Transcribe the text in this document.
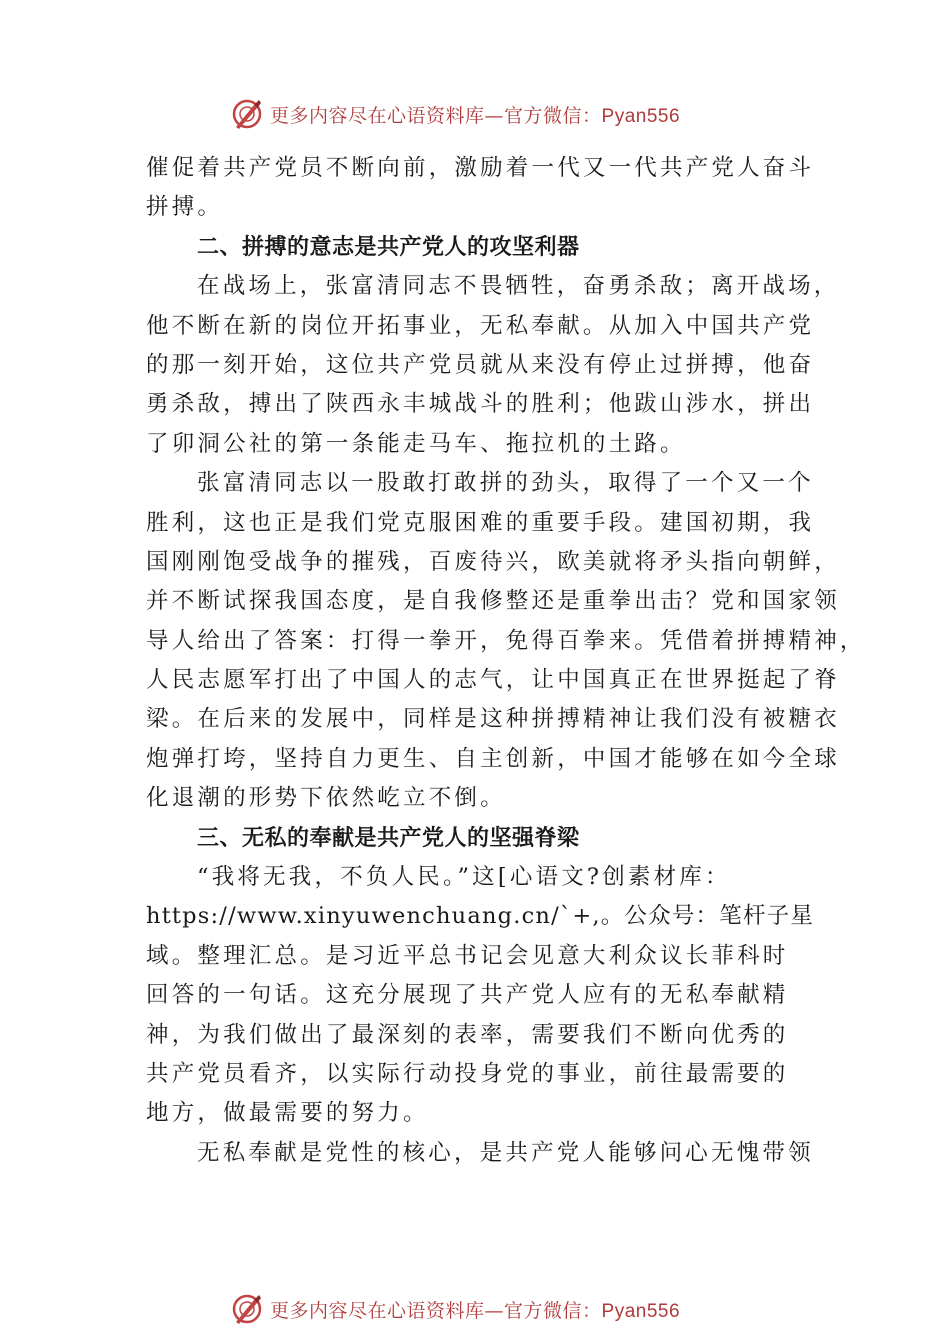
更多内容尽在心语资料库—官方微信：Pyan556
催促着共产党员不断向前，激励着一代又一代共产党人奋斗
拼搏。
二、拼搏的意志是共产党人的攻坚利器
在战场上，张富清同志不畏牺牲，奋勇杀敌；离开战场，
他不断在新的岗位开拓事业，无私奉献。从加入中国共产党
的那一刻开始，这位共产党员就从来没有停止过拼搏，他奋
勇杀敌，搏出了陕西永丰城战斗的胜利；他跋山涉水，拼出
了卯洞公社的第一条能走马车、拖拉机的土路。
张富清同志以一股敢打敢拼的劲头，取得了一个又一个
胜利，这也正是我们党克服困难的重要手段。建国初期，我
国刚刚饱受战争的摧残，百废待兴，欧美就将矛头指向朝鲜，
并不断试探我国态度，是自我修整还是重拳出击？党和国家领
导人给出了答案：打得一拳开，免得百拳来。凭借着拼搏精神，
人民志愿军打出了中国人的志气，让中国真正在世界挺起了脊
梁。在后来的发展中，同样是这种拼搏精神让我们没有被糖衣
炮弹打垮，坚持自力更生、自主创新，中国才能够在如今全球
化退潮的形势下依然屹立不倒。
三、无私的奉献是共产党人的坚强脊梁
“我将无我，不负人民。”这[心语文?创素材库：
https://www.xinyuwenchuang.cn/`+,。公众号：笔杆子星
域。整理汇总。是习近平总书记会见意大利众议长菲科时
回答的一句话。这充分展现了共产党人应有的无私奉献精
神，为我们做出了最深刻的表率，需要我们不断向优秀的
共产党员看齐，以实际行动投身党的事业，前往最需要的
地方，做最需要的努力。
无私奉献是党性的核心，是共产党人能够问心无愧带领
更多内容尽在心语资料库—官方微信：Pyan556
